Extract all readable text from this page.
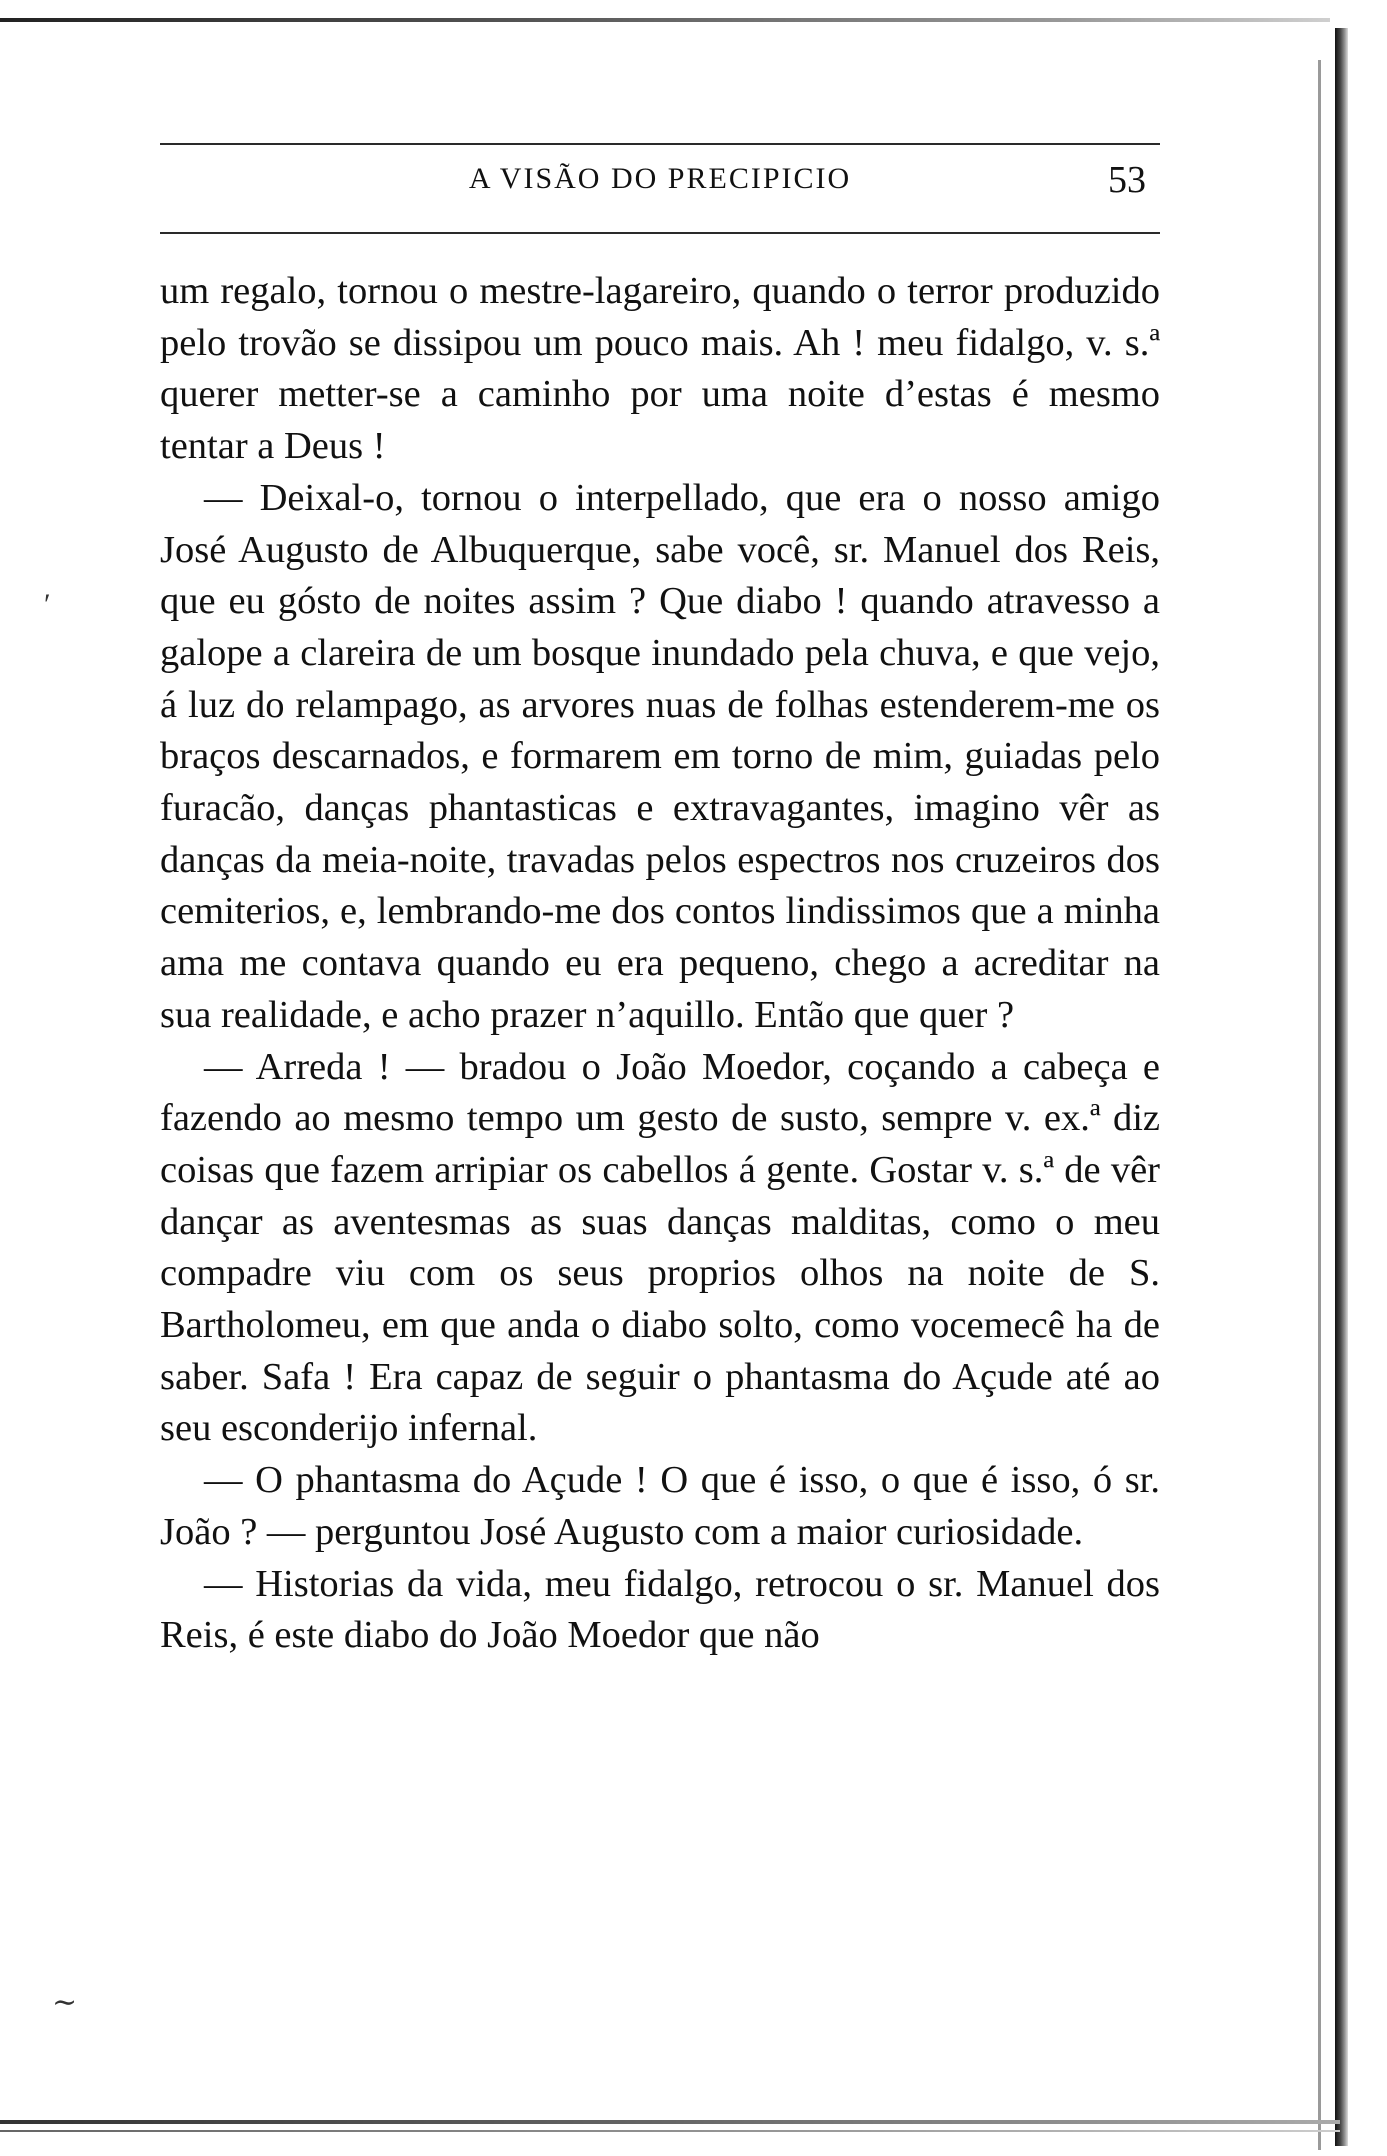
A VISÃO DO PRECIPICIO	53

um regalo, tornou o mestre-lagareiro, quando o terror produzido pelo trovão se dissipou um pouco mais. Ah ! meu fidalgo, v. s.ª querer metter-se a caminho por uma noite d’estas é mesmo tentar a Deus !

— Deixal-o, tornou o interpellado, que era o nosso amigo José Augusto de Albuquerque, sabe você, sr. Manuel dos Reis, que eu gósto de noites assim ? Que diabo ! quando atravesso a galope a clareira de um bosque inundado pela chuva, e que vejo, á luz do relampago, as arvores nuas de folhas estenderem-me os braços descarnados, e formarem em torno de mim, guiadas pelo furacão, danças phantasticas e extravagantes, imagino vêr as danças da meia-noite, travadas pelos espectros nos cruzeiros dos cemiterios, e, lembrando-me dos contos lindissimos que a minha ama me contava quando eu era pequeno, chego a acreditar na sua realidade, e acho prazer n’aquillo. Então que quer ?

— Arreda ! — bradou o João Moedor, coçando a cabeça e fazendo ao mesmo tempo um gesto de susto, sempre v. ex.ª diz coisas que fazem arripiar os cabellos á gente. Gostar v. s.ª de vêr dançar as aventesmas as suas danças malditas, como o meu compadre viu com os seus proprios olhos na noite de S. Bartholomeu, em que anda o diabo solto, como vocemecê ha de saber. Safa ! Era capaz de seguir o phantasma do Açude até ao seu esconderijo infernal.

— O phantasma do Açude ! O que é isso, o que é isso, ó sr. João ? — perguntou José Augusto com a maior curiosidade.

— Historias da vida, meu fidalgo, retrocou o sr. Manuel dos Reis, é este diabo do João Moedor que não

′
∼
